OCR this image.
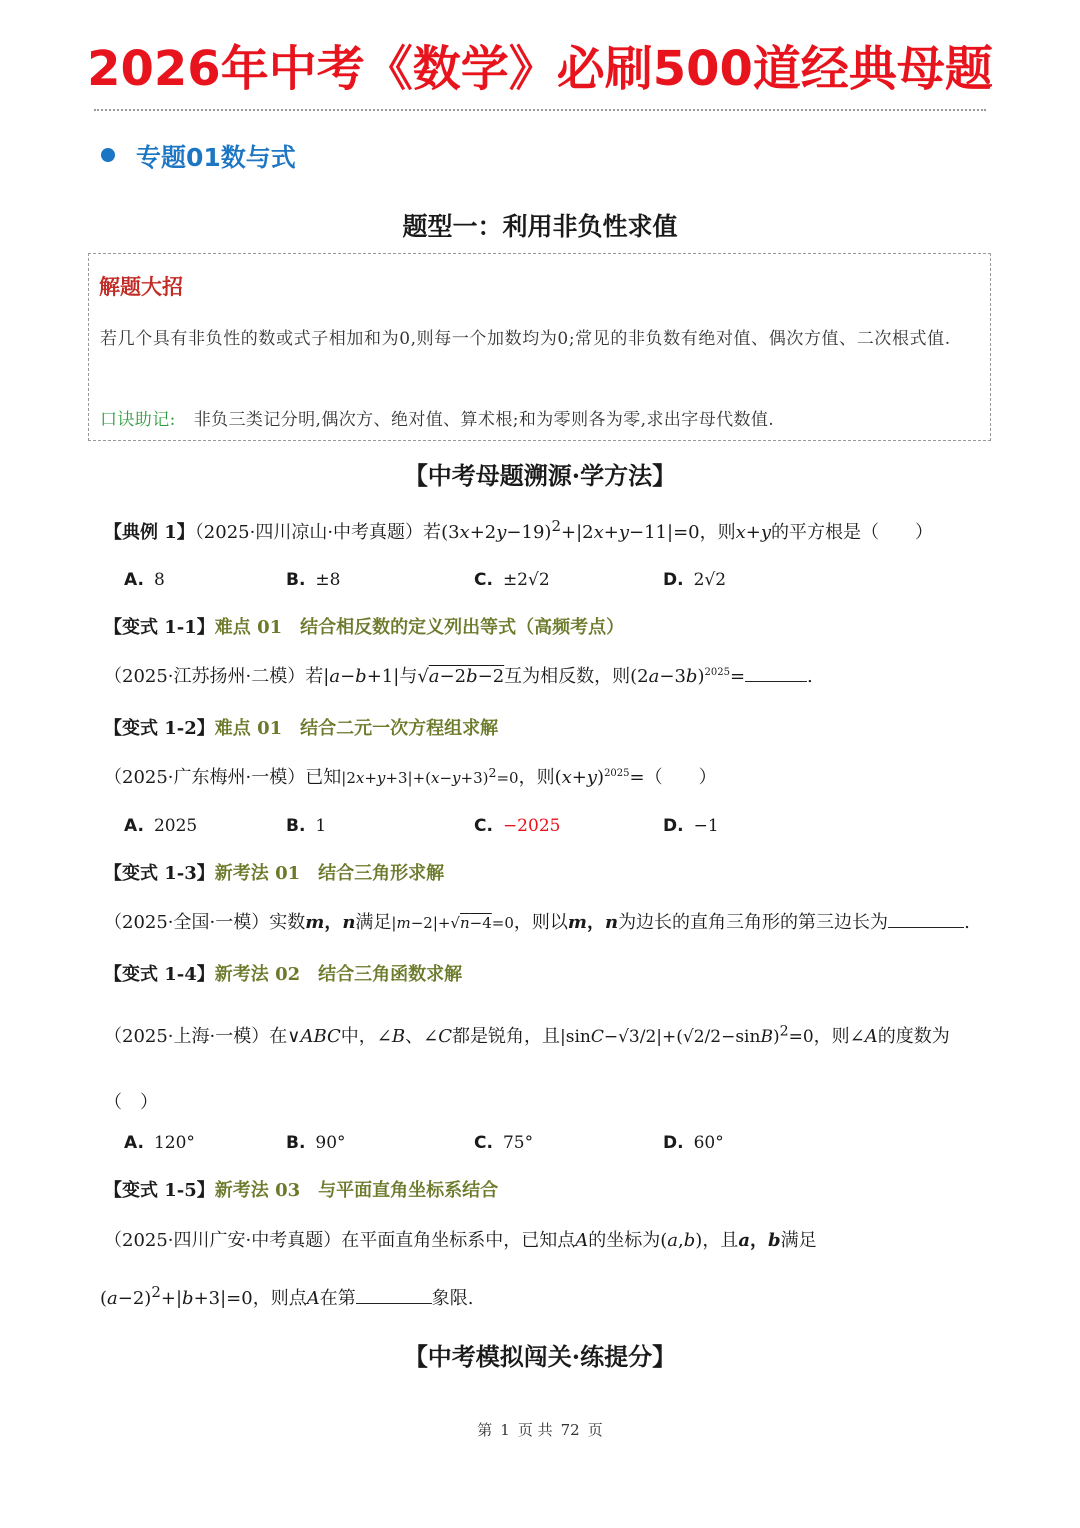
2026年中考《数学》必刷500道经典母题
专题01数与式
题型一：利用非负性求值
解题大招
若几个具有非负性的数或式子相加和为0,则每一个加数均为0;常见的非负数有绝对值、偶次方值、二次根式值.
口诀助记: 非负三类记分明,偶次方、绝对值、算术根;和为零则各为零,求出字母代数值.
【中考母题溯源·学方法】
【典例 1】（2025·四川凉山·中考真题）若$(3x+2y-19)^2+|2x+y-11|=0$，则x+y的平方根是（　　）
A. 8	B. ±8	C. ±2√2	D. 2√2
【变式 1-1】难点 01　结合相反数的定义列出等式（高频考点）
（2025·江苏扬州·二模）若|a−b+1|与√a−2b−2互为相反数，则$(2a-3b)^{2025}=$	.
【变式 1-2】难点 01　结合二元一次方程组求解
（2025·广东梅州·一模）已知$|2x+y+3|+(x-y+3)^2=0$，则$(x+y)^{2025}=$（　　）
A. 2025	B. 1	C. −2025	D. −1
【变式 1-3】新考法 01　结合三角形求解
（2025·全国·一模）实数m，n满足|m−2|+√n−4=0，则以m，n为边长的直角三角形的第三边长为	.
【变式 1-4】新考法 02　结合三角函数求解
（2025·上海·一模）在∨ABC中，∠B、∠C都是锐角，且$|\sin C-√3/2|+(√2/2-\sin B)^2=0$，则∠A的度数为
（　）
A. 120°	B. 90°	C. 75°	D. 60°
【变式 1-5】新考法 03　与平面直角坐标系结合
（2025·四川广安·中考真题）在平面直角坐标系中，已知点A的坐标为(a,b)，且a，b满足
$(a-2)^2+|b+3|=0$，则点A在第	象限.
【中考模拟闯关·练提分】
第 1 页 共 72 页
